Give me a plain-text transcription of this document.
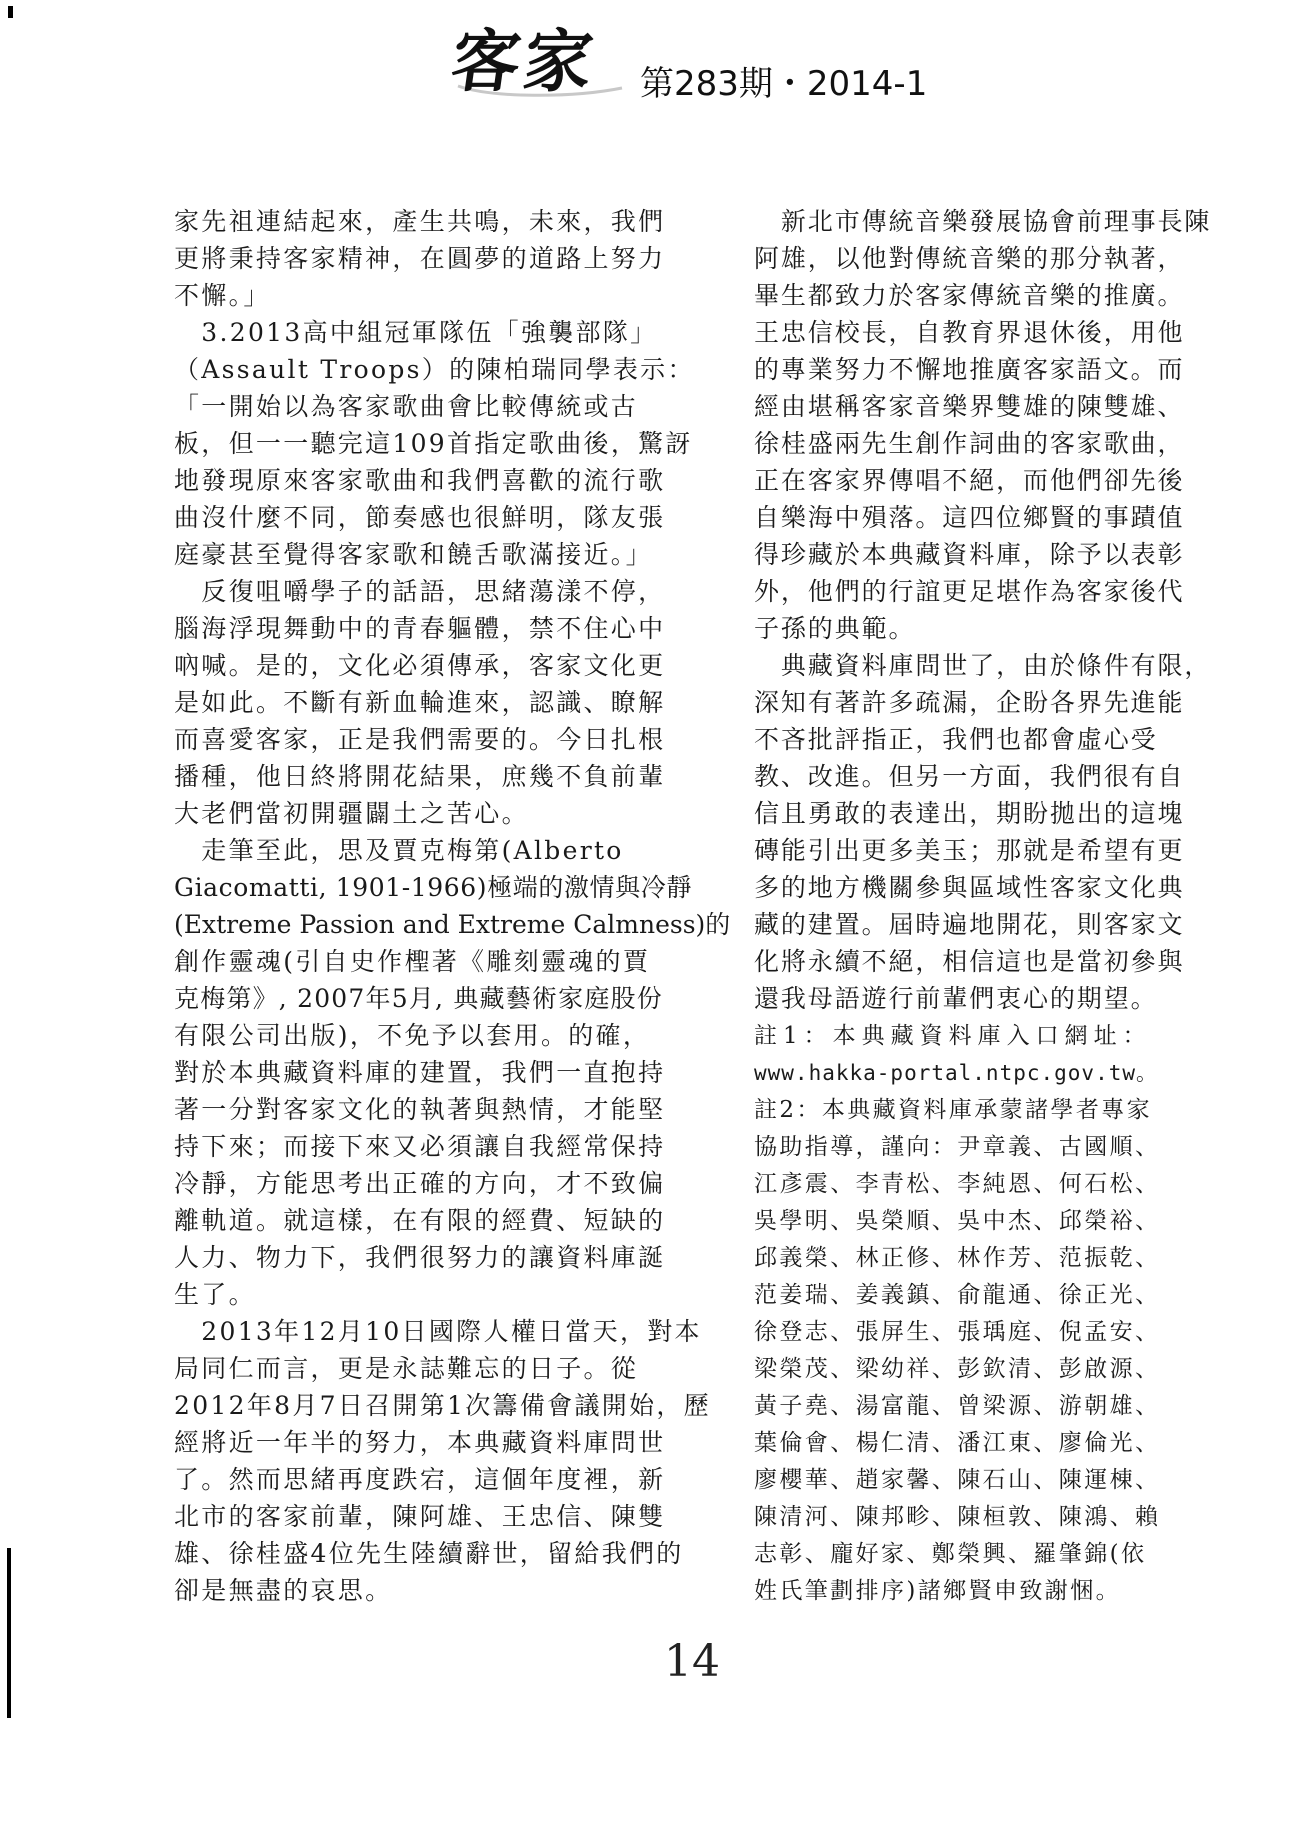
客家	第283期・2014-1
家先祖連結起來，產生共鳴，未來，我們
更將秉持客家精神，在圓夢的道路上努力
不懈。」
　3.2013高中組冠軍隊伍「強襲部隊」
（Assault Troops）的陳柏瑞同學表示：
「一開始以為客家歌曲會比較傳統或古
板，但一一聽完這109首指定歌曲後，驚訝
地發現原來客家歌曲和我們喜歡的流行歌
曲沒什麼不同，節奏感也很鮮明，隊友張
庭豪甚至覺得客家歌和饒舌歌滿接近。」
　反復咀嚼學子的話語，思緒蕩漾不停，
腦海浮現舞動中的青春軀體，禁不住心中
吶喊。是的，文化必須傳承，客家文化更
是如此。不斷有新血輪進來，認識、瞭解
而喜愛客家，正是我們需要的。今日扎根
播種，他日終將開花結果，庶幾不負前輩
大老們當初開疆闢土之苦心。
　走筆至此，思及賈克梅第(Alberto
Giacomatti, 1901-1966)極端的激情與冷靜
(Extreme Passion and Extreme Calmness)的
創作靈魂(引自史作檉著《雕刻靈魂的賈
克梅第》, 2007年5月, 典藏藝術家庭股份
有限公司出版)，不免予以套用。的確，
對於本典藏資料庫的建置，我們一直抱持
著一分對客家文化的執著與熱情，才能堅
持下來；而接下來又必須讓自我經常保持
冷靜，方能思考出正確的方向，才不致偏
離軌道。就這樣，在有限的經費、短缺的
人力、物力下，我們很努力的讓資料庫誕
生了。
　2013年12月10日國際人權日當天，對本
局同仁而言，更是永誌難忘的日子。從
2012年8月7日召開第1次籌備會議開始，歷
經將近一年半的努力，本典藏資料庫問世
了。然而思緒再度跌宕，這個年度裡，新
北市的客家前輩，陳阿雄、王忠信、陳雙
雄、徐桂盛4位先生陸續辭世，留給我們的
卻是無盡的哀思。
　新北市傳統音樂發展協會前理事長陳
阿雄，以他對傳統音樂的那分執著，
畢生都致力於客家傳統音樂的推廣。
王忠信校長，自教育界退休後，用他
的專業努力不懈地推廣客家語文。而
經由堪稱客家音樂界雙雄的陳雙雄、
徐桂盛兩先生創作詞曲的客家歌曲，
正在客家界傳唱不絕，而他們卻先後
自樂海中殞落。這四位鄉賢的事蹟值
得珍藏於本典藏資料庫，除予以表彰
外，他們的行誼更足堪作為客家後代
子孫的典範。
　典藏資料庫問世了，由於條件有限，
深知有著許多疏漏，企盼各界先進能
不吝批評指正，我們也都會虛心受
教、改進。但另一方面，我們很有自
信且勇敢的表達出，期盼拋出的這塊
磚能引出更多美玉；那就是希望有更
多的地方機關參與區域性客家文化典
藏的建置。屆時遍地開花，則客家文
化將永續不絕，相信這也是當初參與
還我母語遊行前輩們衷心的期望。
註1：本典藏資料庫入口網址：
www.hakka-portal.ntpc.gov.tw。
註2：本典藏資料庫承蒙諸學者專家
協助指導，謹向：尹章義、古國順、
江彥震、李青松、李純恩、何石松、
吳學明、吳榮順、吳中杰、邱榮裕、
邱義榮、林正修、林作芳、范振乾、
范姜瑞、姜義鎮、俞龍通、徐正光、
徐登志、張屏生、張瑀庭、倪孟安、
梁榮茂、梁幼祥、彭欽清、彭啟源、
黃子堯、湯富龍、曾梁源、游朝雄、
葉倫會、楊仁清、潘江東、廖倫光、
廖櫻華、趙家馨、陳石山、陳運棟、
陳清河、陳邦畛、陳桓敦、陳鴻、賴
志彰、龐好家、鄭榮興、羅肇錦(依
姓氏筆劃排序)諸鄉賢申致謝悃。
14
